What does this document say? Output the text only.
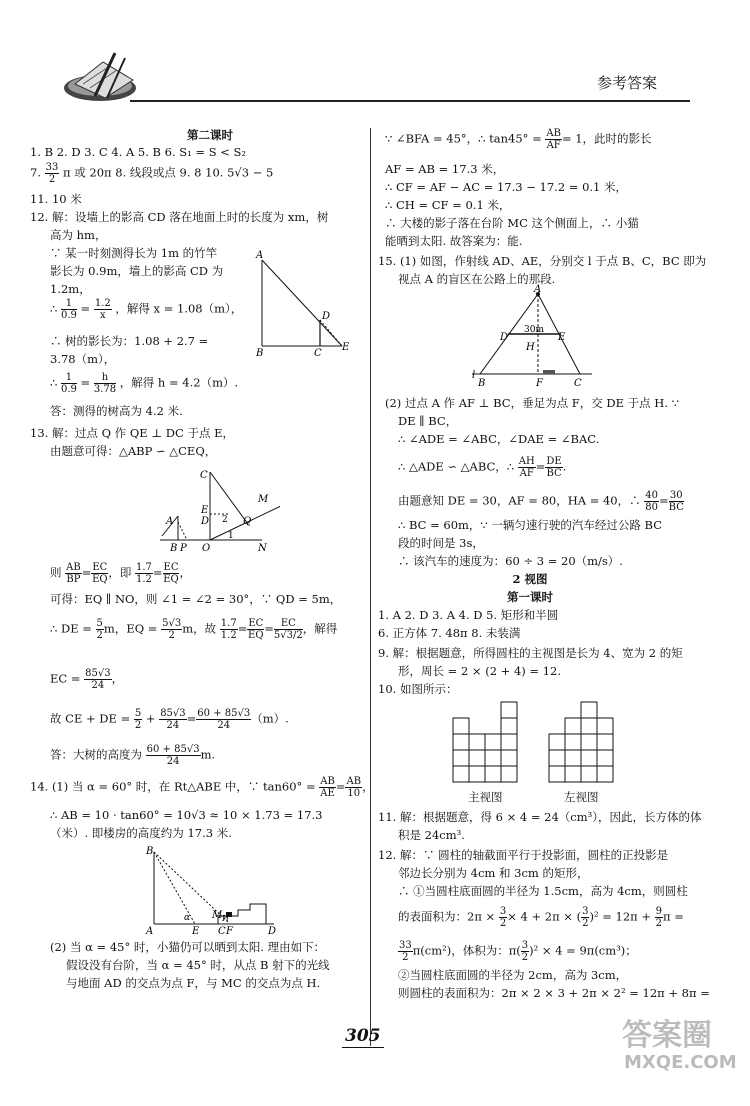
参考答案
第二课时
1. B 2. D 3. C 4. A 5. B 6. S₁ = S < S₂
7. $\frac{33}{2}$ π 或 20π 8. 线段或点 9. 8 10. 5√3 − 5
11. 10 米
12. 解：设墙上的影高 CD 落在地面上时的长度为 xm，树
高为 hm，
∵ 某一时刻测得长为 1m 的竹竿
影长为 0.9m，墙上的影高 CD 为
1.2m，
∴ $\frac{1}{0.9} = \frac{1.2}{x}$ ，解得 x = 1.08（m），
∴ 树的影长为：1.08 + 2.7 =
3.78（m），
∴ $\frac{1}{0.9} = \frac{h}{3.78}$ ，解得 h = 4.2（m）.
答：测得的树高为 4.2 米.
A
B	C
D
E
13. 解：过点 Q 作 QE ⊥ DC 于点 E，
由题意可得：△ABP ∽ △CEQ，
C
D
E
M
Q
2
1
A
B P O	N
则 $\frac{AB}{BP} = \frac{EC}{EQ}$ ，即 $\frac{1.7}{1.2} = \frac{EC}{EQ}$ ，
可得：EQ ∥ NO，则 ∠1 = ∠2 = 30°，∵ QD = 5m，
∴ DE = $\frac{5}{2}$ m，EQ = $\frac{5√3}{2}$ m，故 $\frac{1.7}{1.2} = \frac{EC}{EQ} = \frac{EC}{5√3/2}$ ，解得
EC = $\frac{85√3}{24}$ ，
故 CE + DE = $\frac{5}{2} + \frac{85√3}{24} = \frac{60 + 85√3}{24} (m)$.
答：大树的高度为 $\frac{60 + 85√3}{24} m$.
14. (1) 当 α = 60° 时，在 Rt△ABE 中，∵ $\tan 60^\circ = \frac{AB}{AE} = \frac{AB}{10}$ ，
∴ AB = 10 · tan60° = 10√3 ≈ 10 × 1.73 = 17.3
（米）. 即楼房的高度约为 17.3 米.
B
A	E C F
M H
D
α
(2) 当 α = 45° 时，小猫仍可以晒到太阳. 理由如下：
假设没有台阶，当 α = 45° 时，从点 B 射下的光线
与地面 AD 的交点为点 F，与 MC 的交点为点 H.
∵ ∠BFA = 45°，∴ $\tan 45^\circ = \frac{AB}{AF} = 1$，此时的影长
AF = AB = 17.3 米，
∴ CF = AF − AC = 17.3 − 17.2 = 0.1 米，
∴ CH = CF = 0.1 米，
∴ 大楼的影子落在台阶 MC 这个侧面上，∴ 小猫
能晒到太阳. 故答案为：能.
15. (1) 如图，作射线 AD、AE，分别交 l 于点 B、C，BC 即为
视点 A 的盲区在公路上的那段.
A
D	E
30m
H
l
B	F	C
(2) 过点 A 作 AF ⊥ BC，垂足为点 F，交 DE 于点 H. ∵
DE ∥ BC，
∴ ∠ADE = ∠ABC，∠DAE = ∠BAC.
∴ △ADE ∽ △ABC，∴ $\frac{AH}{AF} = \frac{DE}{BC}$ .
由题意知 DE = 30，AF = 80，HA = 40，∴ $\frac{40}{80} = \frac{30}{BC}$
∴ BC = 60m，∵ 一辆匀速行驶的汽车经过公路 BC
段的时间是 3s，
∴ 该汽车的速度为：60 ÷ 3 = 20（m/s）.
2 视图
第一课时
1. A 2. D 3. A 4. D 5. 矩形和半圆
6. 正方体 7. 48π 8. 未装满
9. 解：根据题意，所得圆柱的主视图是长为 4、宽为 2 的矩
形，周长 = 2 × (2 + 4) = 12.
10. 如图所示：
主视图	左视图
11. 解：根据题意，得 6 × 4 = 24（cm³），因此，长方体的体
积是 24cm³.
12. 解：∵ 圆柱的轴截面平行于投影面，圆柱的正投影是
邻边长分别为 4cm 和 3cm 的矩形，
∴ ①当圆柱底面圆的半径为 1.5cm，高为 4cm，则圆柱
的表面积为：$2\pi \times \frac{3}{2} \times 4 + 2\pi$ × ( $\frac{3}{2} )^2 = 12\pi + \frac{9}{2}$ π =
$\frac{33}{2} \pi(cm^2)$，体积为：$\pi( \frac{3}{2} )^2 \times 4 = 9\pi(cm^3)$；
②当圆柱底面圆的半径为 2cm，高为 3cm，
则圆柱的表面积为：2π × 2 × 3 + 2π × 2² = 12π + 8π =
305	答案圈
MXQE.COM
